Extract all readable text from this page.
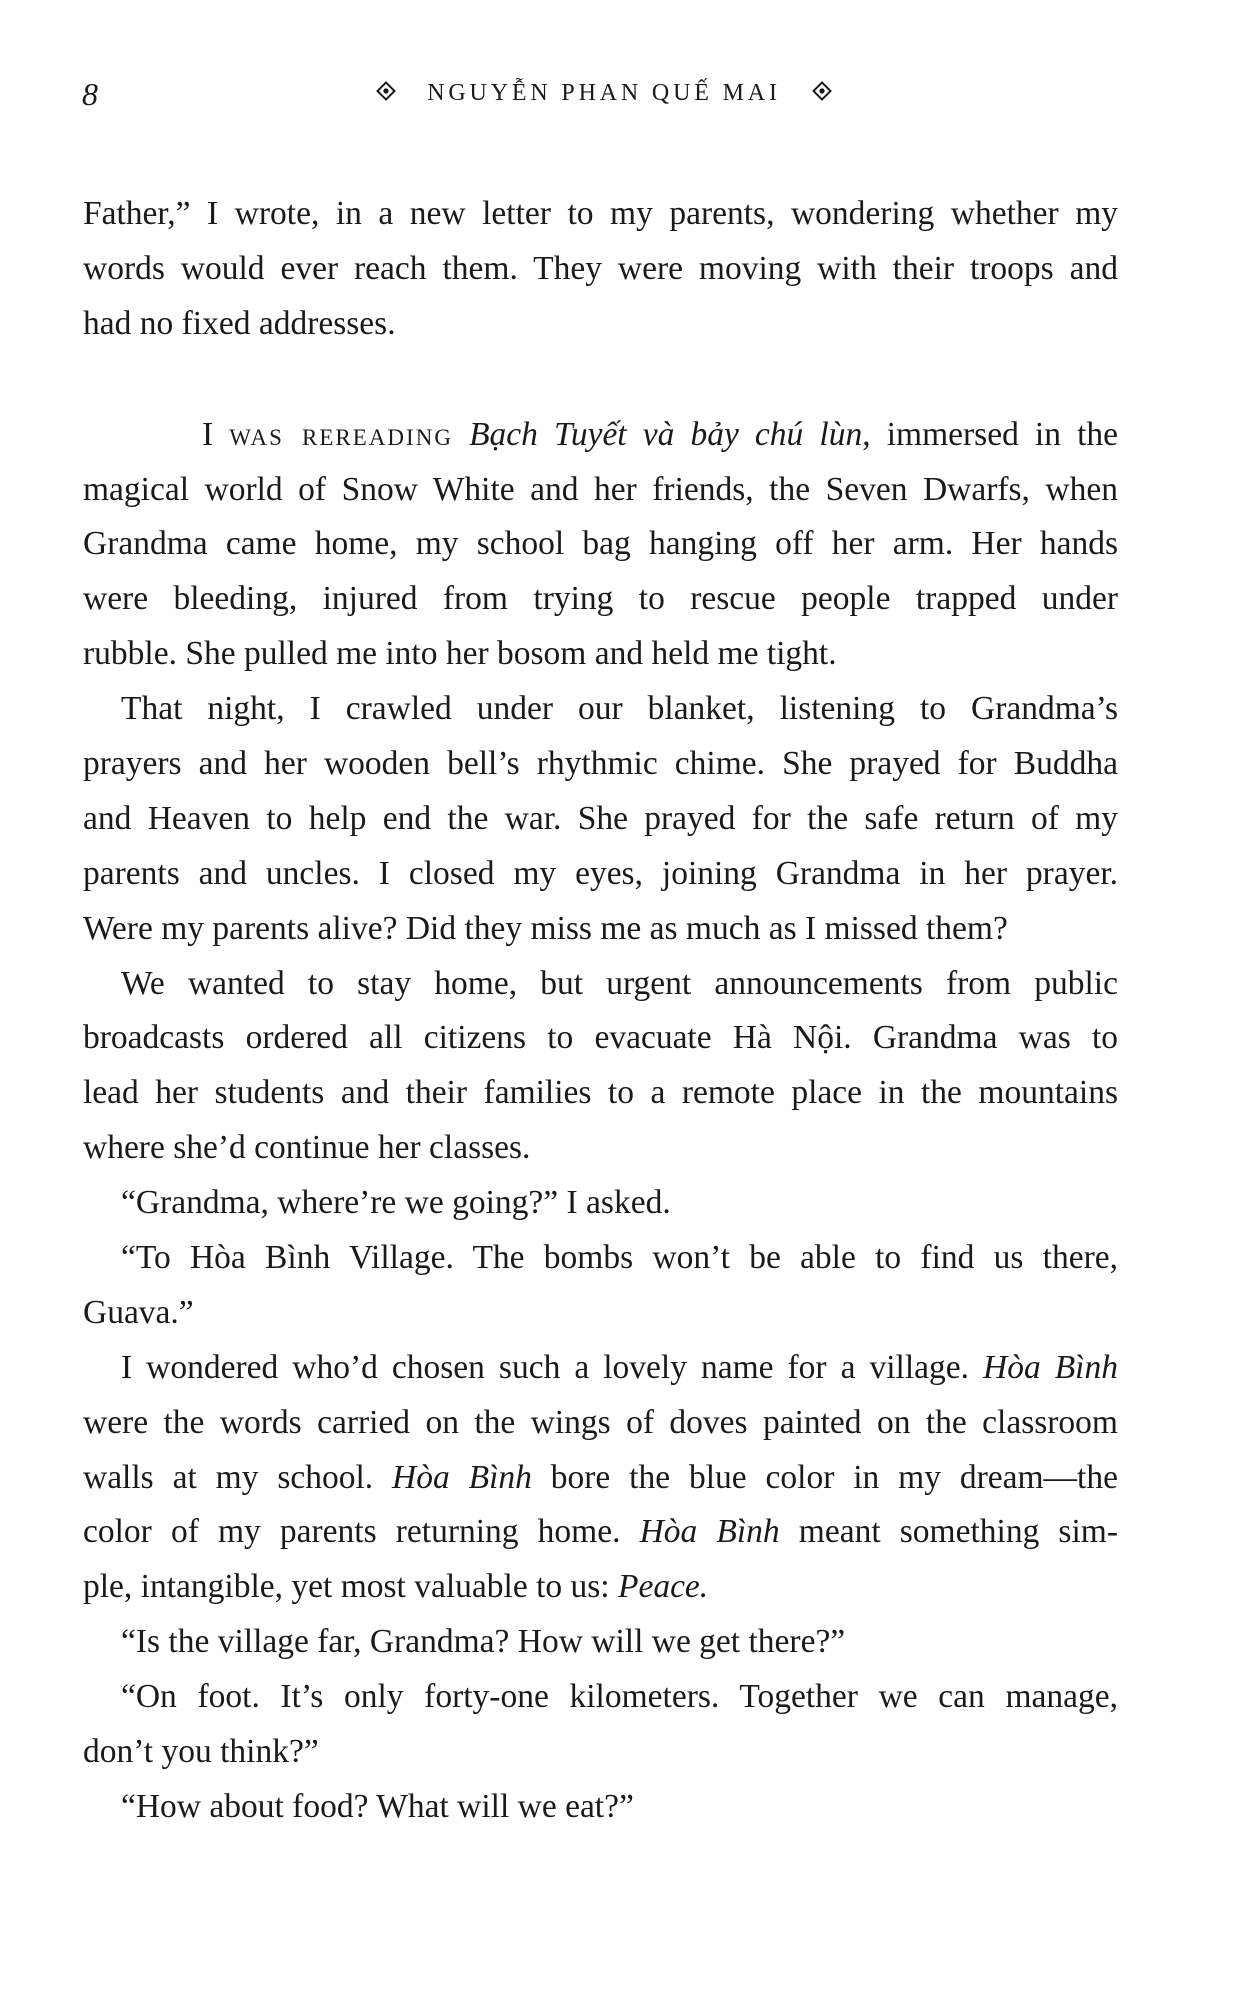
8	NGUYỄN PHAN QUẾ MAI
Father,” I wrote, in a new letter to my parents, wondering whether my
words would ever reach them. They were moving with their troops and
had no fixed addresses.
I was rereading Bạch Tuyết và bảy chú lùn, immersed in the
magical world of Snow White and her friends, the Seven Dwarfs, when
Grandma came home, my school bag hanging off her arm. Her hands
were bleeding, injured from trying to rescue people trapped under
rubble. She pulled me into her bosom and held me tight.
That night, I crawled under our blanket, listening to Grandma’s
prayers and her wooden bell’s rhythmic chime. She prayed for Buddha
and Heaven to help end the war. She prayed for the safe return of my
parents and uncles. I closed my eyes, joining Grandma in her prayer.
Were my parents alive? Did they miss me as much as I missed them?
We wanted to stay home, but urgent announcements from public
broadcasts ordered all citizens to evacuate Hà Nội. Grandma was to
lead her students and their families to a remote place in the mountains
where she’d continue her classes.
“Grandma, where’re we going?” I asked.
“To Hòa Bình Village. The bombs won’t be able to find us there,
Guava.”
I wondered who’d chosen such a lovely name for a village. Hòa Bình
were the words carried on the wings of doves painted on the classroom
walls at my school. Hòa Bình bore the blue color in my dream—the
color of my parents returning home. Hòa Bình meant something sim-
ple, intangible, yet most valuable to us: Peace.
“Is the village far, Grandma? How will we get there?”
“On foot. It’s only forty-one kilometers. Together we can manage,
don’t you think?”
“How about food? What will we eat?”
